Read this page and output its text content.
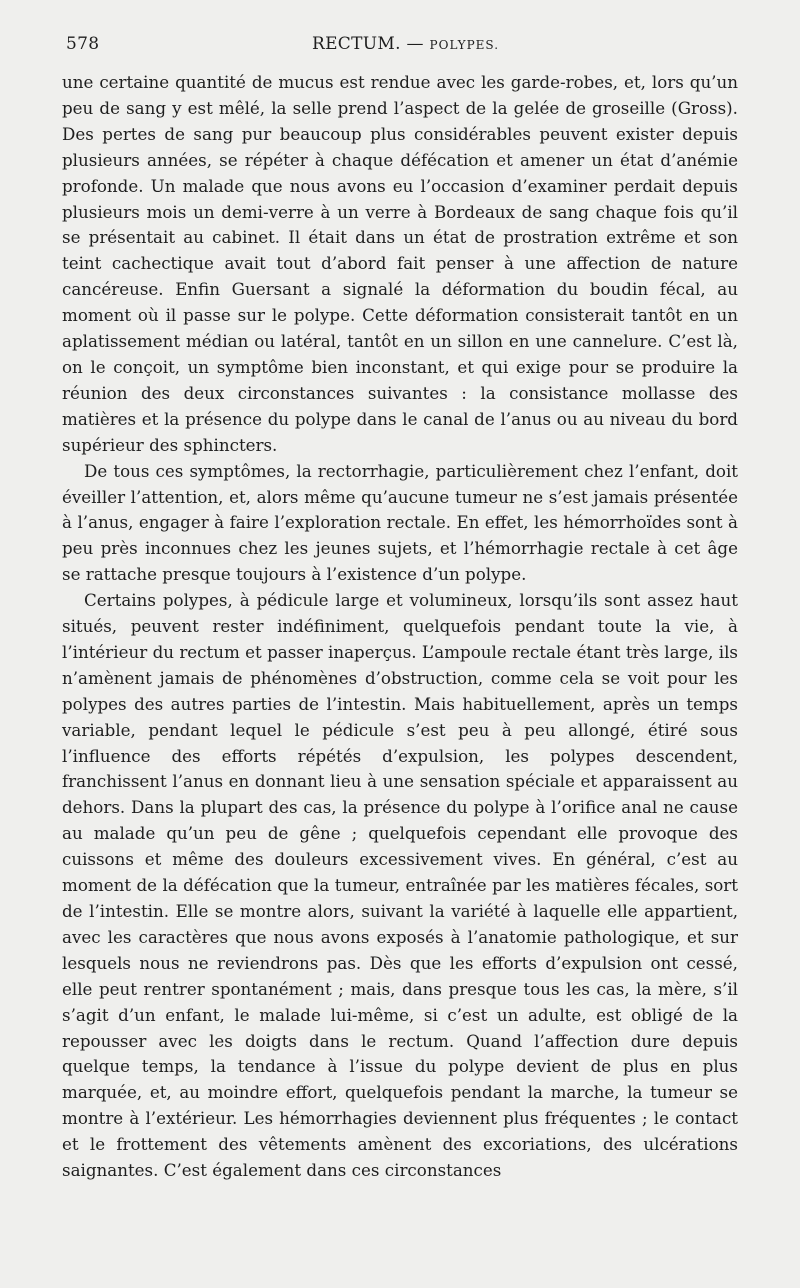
578	RECTUM. — POLYPES.

une certaine quantité de mucus est rendue avec les garde-robes, et, lors qu’un peu de sang y est mêlé, la selle prend l’aspect de la gelée de groseille (Gross). Des pertes de sang pur beaucoup plus considérables peuvent exister depuis plusieurs années, se répéter à chaque défécation et amener un état d’anémie profonde. Un malade que nous avons eu l’occasion d’examiner perdait depuis plusieurs mois un demi-verre à un verre à Bordeaux de sang chaque fois qu’il se présentait au cabinet. Il était dans un état de prostration extrême et son teint cachectique avait tout d’abord fait penser à une affection de nature cancéreuse. Enfin Guersant a signalé la déformation du boudin fécal, au moment où il passe sur le polype. Cette déformation consisterait tantôt en un aplatissement médian ou latéral, tantôt en un sillon en une cannelure. C’est là, on le conçoit, un symptôme bien inconstant, et qui exige pour se produire la réunion des deux circonstances suivantes : la consistance mollasse des matières et la présence du polype dans le canal de l’anus ou au niveau du bord supérieur des sphincters.

De tous ces symptômes, la rectorrhagie, particulièrement chez l’enfant, doit éveiller l’attention, et, alors même qu’aucune tumeur ne s’est jamais présentée à l’anus, engager à faire l’exploration rectale. En effet, les hémorrhoïdes sont à peu près inconnues chez les jeunes sujets, et l’hémorrhagie rectale à cet âge se rattache presque toujours à l’existence d’un polype.

Certains polypes, à pédicule large et volumineux, lorsqu’ils sont assez haut situés, peuvent rester indéfiniment, quelquefois pendant toute la vie, à l’intérieur du rectum et passer inaperçus. L’ampoule rectale étant très large, ils n’amènent jamais de phénomènes d’obstruction, comme cela se voit pour les polypes des autres parties de l’intestin. Mais habituellement, après un temps variable, pendant lequel le pédicule s’est peu à peu allongé, étiré sous l’influence des efforts répétés d’expulsion, les polypes descendent, franchissent l’anus en donnant lieu à une sensation spéciale et apparaissent au dehors. Dans la plupart des cas, la présence du polype à l’orifice anal ne cause au malade qu’un peu de gêne ; quelquefois cependant elle provoque des cuissons et même des douleurs excessivement vives. En général, c’est au moment de la défécation que la tumeur, entraînée par les matières fécales, sort de l’intestin. Elle se montre alors, suivant la variété à laquelle elle appartient, avec les caractères que nous avons exposés à l’anatomie pathologique, et sur lesquels nous ne reviendrons pas. Dès que les efforts d’expulsion ont cessé, elle peut rentrer spontanément ; mais, dans presque tous les cas, la mère, s’il s’agit d’un enfant, le malade lui-même, si c’est un adulte, est obligé de la repousser avec les doigts dans le rectum. Quand l’affection dure depuis quelque temps, la tendance à l’issue du polype devient de plus en plus marquée, et, au moindre effort, quelquefois pendant la marche, la tumeur se montre à l’extérieur. Les hémorrhagies deviennent plus fréquentes ; le contact et le frottement des vêtements amènent des excoriations, des ulcérations saignantes. C’est également dans ces circonstances
